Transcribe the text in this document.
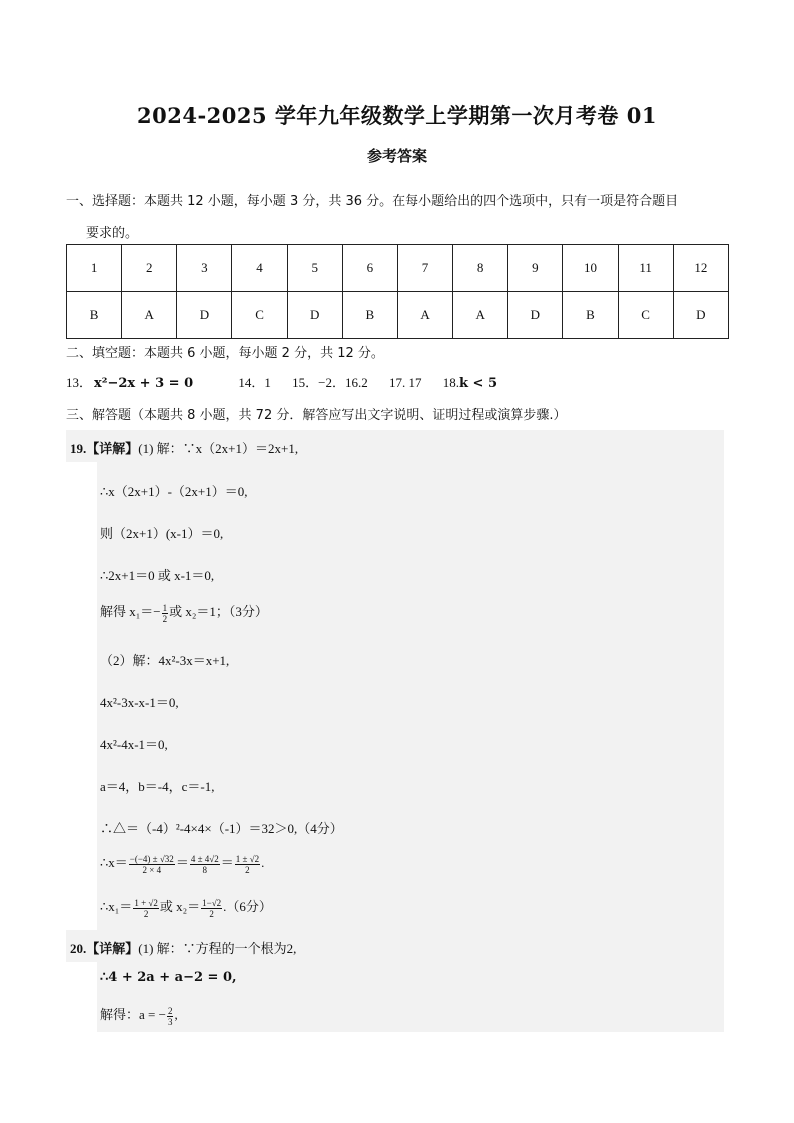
2024-2025 学年九年级数学上学期第一次月考卷 01
参考答案
一、选择题：本题共 12 小题，每小题 3 分，共 36 分。在每小题给出的四个选项中，只有一项是符合题目
要求的。
1	2	3	4	5	6	7	8	9	10	11	12
B	A	D	C	D	B	A	A	D	B	C	D
二、填空题：本题共 6 小题，每小题 2 分，共 12 分。
13． x²−2x + 3 = 0	14．1 15．−2．16.2 17. 17 18.k < 5
三、解答题（本题共 8 小题，共 72 分．解答应写出文字说明、证明过程或演算步骤.）
19.【详解】(1) 解：∵x（2x+1）＝2x+1,
∴x（2x+1）-（2x+1）＝0,
则（2x+1）(x-1）＝0,
∴2x+1＝0 或 x-1＝0,
解得 $x_1=- \frac{1}{2}$ 或 x₂＝1；（3分）
（2）解：4x²-3x＝x+1,
4x²-3x-x-1＝0,
4x²-4x-1＝0,
a＝4，b＝-4，c＝-1,
∴△＝（-4）²-4×4×（-1）＝32＞0,（4分）
∴x＝ $\frac{-(-4) \pm √32}{2 \times 4} = \frac{4 \pm 4√2}{8} = \frac{1 \pm √2}{2}$ .
∴x₁＝ $\frac{1 + √2}{2}$ 或 $x_2= \frac{1-√2}{2} .(6$分）
20.【详解】(1) 解：∵方程的一个根为2,
∴4 + 2a + a−2 = 0,
解得：a = − $\frac{2}{3}$ ,
